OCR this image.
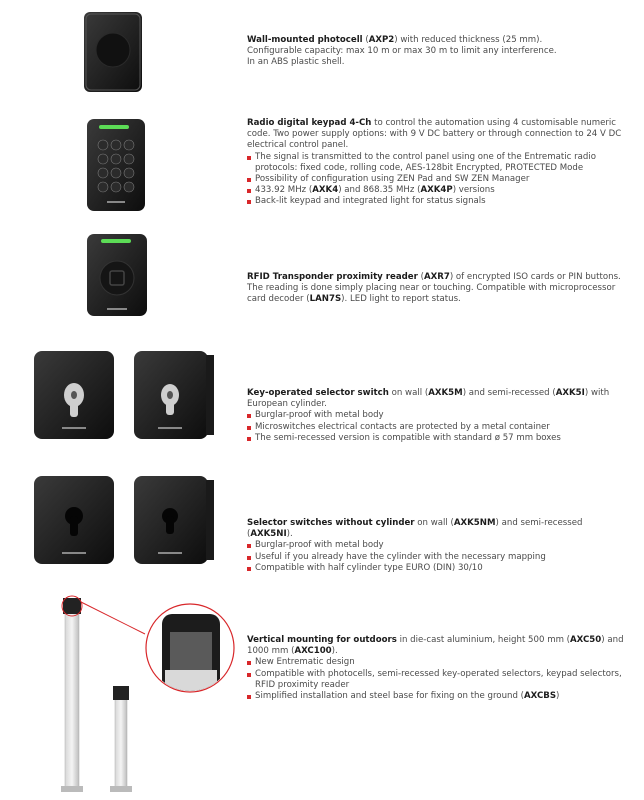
Wall-mounted photocell (AXP2) with reduced thickness (25 mm).

Configurable capacity: max 10 m or max 30 m to limit any interference.

In an ABS plastic shell.

Radio digital keypad 4-Ch to control the automation using 4 customisable numeric code. Two power supply options: with 9 V DC battery or through connection to 24 V DC electrical control panel.

The signal is transmitted to the control panel using one of the Entrematic radio protocols: fixed code, rolling code, AES-128bit Encrypted, PROTECTED Mode
Possibility of configuration using ZEN Pad and SW ZEN Manager
433.92 MHz (AXK4) and 868.35 MHz (AXK4P) versions
Back-lit keypad and integrated light for status signals

RFID Transponder proximity reader (AXR7) of encrypted ISO cards or PIN buttons. The reading is done simply placing near or touching. Compatible with microprocessor card decoder (LAN7S). LED light to report status.

Key-operated selector switch on wall (AXK5M) and semi-recessed (AXK5I) with European cylinder.

Burglar-proof with metal body
Microswitches electrical contacts are protected by a metal container
The semi-recessed version is compatible with standard ø 57 mm boxes

Selector switches without cylinder on wall (AXK5NM) and semi-recessed (AXK5NI).

Burglar-proof with metal body
Useful if you already have the cylinder with the necessary mapping
Compatible with half cylinder type EURO (DIN) 30/10

Vertical mounting for outdoors in die-cast aluminium, height 500 mm (AXC50) and 1000 mm (AXC100).

New Entrematic design
Compatible with photocells, semi-recessed key-operated selectors, keypad selectors, RFID proximity reader
Simplified installation and steel base for fixing on the ground (AXCBS)
